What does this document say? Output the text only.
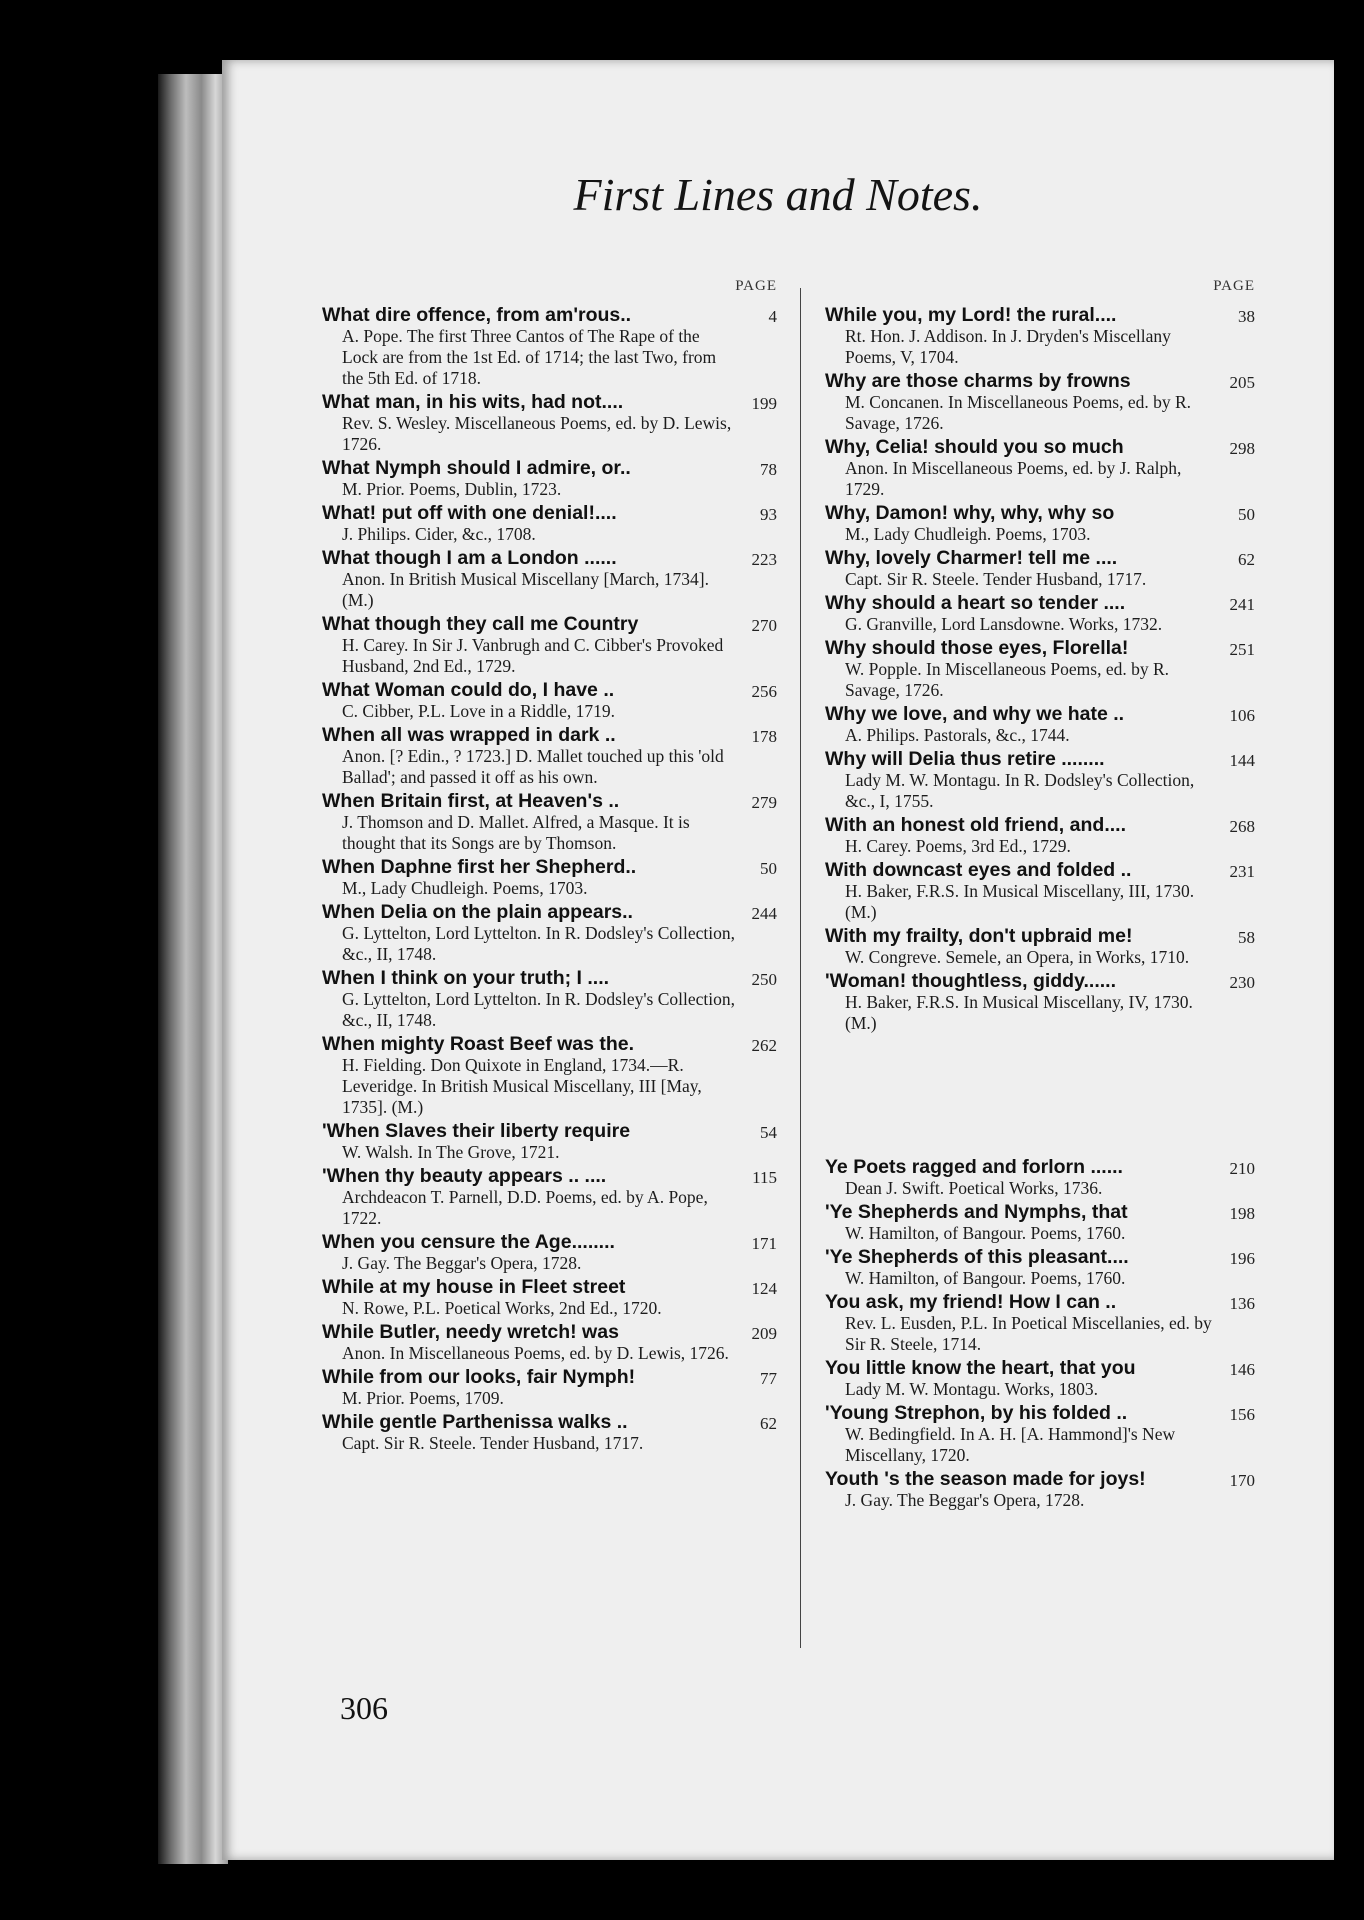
First Lines and Notes.
PAGE
What dire offence, from am'rous..	4
A. Pope. The first Three Cantos of The Rape of the Lock are from the 1st Ed. of 1714; the last Two, from the 5th Ed. of 1718.
What man, in his wits, had not....	199
Rev. S. Wesley. Miscellaneous Poems, ed. by D. Lewis, 1726.
What Nymph should I admire, or..	78
M. Prior. Poems, Dublin, 1723.
What! put off with one denial!....	93
J. Philips. Cider, &c., 1708.
What though I am a London ......	223
Anon. In British Musical Miscellany [March, 1734]. (M.)
What though they call me Country	270
H. Carey. In Sir J. Vanbrugh and C. Cibber's Provoked Husband, 2nd Ed., 1729.
What Woman could do, I have ..	256
C. Cibber, P.L. Love in a Riddle, 1719.
When all was wrapped in dark ..	178
Anon. [? Edin., ? 1723.] D. Mallet touched up this 'old Ballad'; and passed it off as his own.
When Britain first, at Heaven's ..	279
J. Thomson and D. Mallet. Alfred, a Masque. It is thought that its Songs are by Thomson.
When Daphne first her Shepherd..	50
M., Lady Chudleigh. Poems, 1703.
When Delia on the plain appears..	244
G. Lyttelton, Lord Lyttelton. In R. Dodsley's Collection, &c., II, 1748.
When I think on your truth; I ....	250
G. Lyttelton, Lord Lyttelton. In R. Dodsley's Collection, &c., II, 1748.
When mighty Roast Beef was the.	262
H. Fielding. Don Quixote in England, 1734.—R. Leveridge. In British Musical Miscellany, III [May, 1735]. (M.)
'When Slaves their liberty require	54
W. Walsh. In The Grove, 1721.
'When thy beauty appears .. ....	115
Archdeacon T. Parnell, D.D. Poems, ed. by A. Pope, 1722.
When you censure the Age........	171
J. Gay. The Beggar's Opera, 1728.
While at my house in Fleet street	124
N. Rowe, P.L. Poetical Works, 2nd Ed., 1720.
While Butler, needy wretch! was	209
Anon. In Miscellaneous Poems, ed. by D. Lewis, 1726.
While from our looks, fair Nymph!	77
M. Prior. Poems, 1709.
While gentle Parthenissa walks ..	62
Capt. Sir R. Steele. Tender Husband, 1717.
PAGE
While you, my Lord! the rural....	38
Rt. Hon. J. Addison. In J. Dryden's Miscellany Poems, V, 1704.
Why are those charms by frowns	205
M. Concanen. In Miscellaneous Poems, ed. by R. Savage, 1726.
Why, Celia! should you so much	298
Anon. In Miscellaneous Poems, ed. by J. Ralph, 1729.
Why, Damon! why, why, why so	50
M., Lady Chudleigh. Poems, 1703.
Why, lovely Charmer! tell me ....	62
Capt. Sir R. Steele. Tender Husband, 1717.
Why should a heart so tender ....	241
G. Granville, Lord Lansdowne. Works, 1732.
Why should those eyes, Florella!	251
W. Popple. In Miscellaneous Poems, ed. by R. Savage, 1726.
Why we love, and why we hate ..	106
A. Philips. Pastorals, &c., 1744.
Why will Delia thus retire ........	144
Lady M. W. Montagu. In R. Dodsley's Collection, &c., I, 1755.
With an honest old friend, and....	268
H. Carey. Poems, 3rd Ed., 1729.
With downcast eyes and folded ..	231
H. Baker, F.R.S. In Musical Miscellany, III, 1730. (M.)
With my frailty, don't upbraid me!	58
W. Congreve. Semele, an Opera, in Works, 1710.
'Woman! thoughtless, giddy......	230
H. Baker, F.R.S. In Musical Miscellany, IV, 1730. (M.)
Ye Poets ragged and forlorn ......	210
Dean J. Swift. Poetical Works, 1736.
'Ye Shepherds and Nymphs, that	198
W. Hamilton, of Bangour. Poems, 1760.
'Ye Shepherds of this pleasant....	196
W. Hamilton, of Bangour. Poems, 1760.
You ask, my friend! How I can ..	136
Rev. L. Eusden, P.L. In Poetical Miscellanies, ed. by Sir R. Steele, 1714.
You little know the heart, that you	146
Lady M. W. Montagu. Works, 1803.
'Young Strephon, by his folded ..	156
W. Bedingfield. In A. H. [A. Hammond]'s New Miscellany, 1720.
Youth 's the season made for joys!	170
J. Gay. The Beggar's Opera, 1728.
306
